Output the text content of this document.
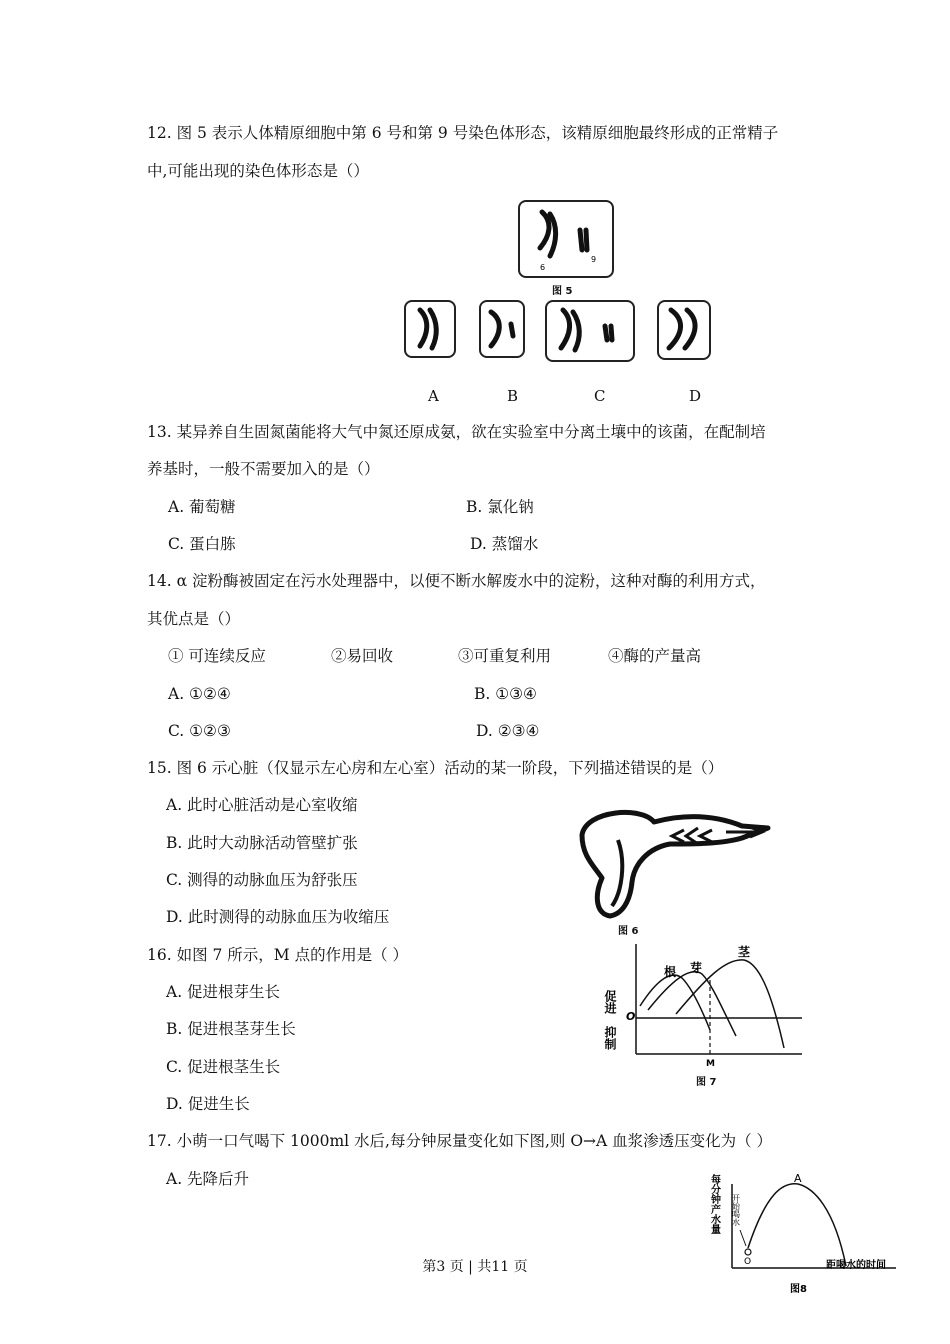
12. 图 5 表示人体精原细胞中第 6 号和第 9 号染色体形态，该精原细胞最终形成的正常精子
中,可能出现的染色体形态是（）
6
9
图 5
A	B	C	D
13. 某异养自生固氮菌能将大气中氮还原成氨，欲在实验室中分离土壤中的该菌，在配制培
养基时，一般不需要加入的是（）
A. 葡萄糖	B. 氯化钠
C. 蛋白胨	D. 蒸馏水
14. α 淀粉酶被固定在污水处理器中，以便不断水解废水中的淀粉，这种对酶的利用方式，
其优点是（）
① 可连续反应	②易回收	③可重复利用	④酶的产量高
A. ①②④	B. ①③④
C. ①②③	D. ②③④
15. 图 6 示心脏（仅显示左心房和左心室）活动的某一阶段，下列描述错误的是（）
A. 此时心脏活动是心室收缩
B. 此时大动脉活动管壁扩张
C. 测得的动脉血压为舒张压
D. 此时测得的动脉血压为收缩压
图 6
16. 如图 7 所示，M 点的作用是（ ）
A. 促进根芽生长
B. 促进根茎芽生长
C. 促进根茎生长
D. 促进生长
根 芽
茎
O
M
促进
抑制
图 7
17. 小萌一口气喝下 1000ml 水后,每分钟尿量变化如下图,则 O→A 血浆渗透压变化为（ ）
A. 先降后升
O
A
每分钟产水量 开始喝水
距喝水的时间
图8
第3 页 | 共11 页
